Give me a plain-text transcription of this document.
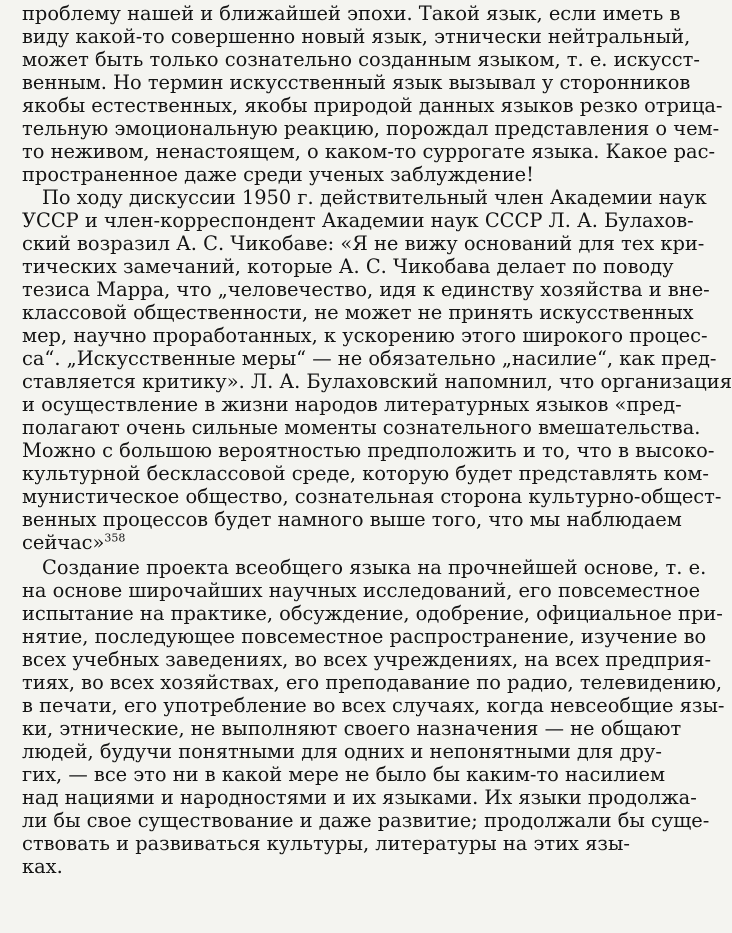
проблему нашей и ближайшей эпохи. Такой язык, если иметь в
виду какой-то совершенно новый язык, этнически нейтральный,
может быть только сознательно созданным языком, т. е. искусст-
венным. Но термин искусственный язык вызывал у сторонников
якобы естественных, якобы природой данных языков резко отрица-
тельную эмоциональную реакцию, порождал представления о чем-
то неживом, ненастоящем, о каком-то суррогате языка. Какое рас-
пространенное даже среди ученых заблуждение!
По ходу дискуссии 1950 г. действительный член Академии наук
УССР и член-корреспондент Академии наук СССР Л. А. Булахов-
ский возразил А. С. Чикобаве: «Я не вижу оснований для тех кри-
тических замечаний, которые А. С. Чикобава делает по поводу
тезиса Марра, что „человечество, идя к единству хозяйства и вне-
классовой общественности, не может не принять искусственных
мер, научно проработанных, к ускорению этого широкого процес-
са“. „Искусственные меры“ — не обязательно „насилие“, как пред-
ставляется критику». Л. А. Булаховский напомнил, что организация
и осуществление в жизни народов литературных языков «пред-
полагают очень сильные моменты сознательного вмешательства.
Можно с большою вероятностью предположить и то, что в высоко-
культурной бесклассовой среде, которую будет представлять ком-
мунистическое общество, сознательная сторона культурно-общест-
венных процессов будет намного выше того, что мы наблюдаем
сейчас»$^{358}$
Создание проекта всеобщего языка на прочнейшей основе, т. е.
на основе широчайших научных исследований, его повсеместное
испытание на практике, обсуждение, одобрение, официальное при-
нятие, последующее повсеместное распространение, изучение во
всех учебных заведениях, во всех учреждениях, на всех предприя-
тиях, во всех хозяйствах, его преподавание по радио, телевидению,
в печати, его употребление во всех случаях, когда невсеобщие язы-
ки, этнические, не выполняют своего назначения — не общают
людей, будучи понятными для одних и непонятными для дру-
гих, — все это ни в какой мере не было бы каким-то насилием
над нациями и народностями и их языками. Их языки продолжа-
ли бы свое существование и даже развитие; продолжали бы суще-
ствовать и развиваться культуры, литературы на этих язы-
ках.
